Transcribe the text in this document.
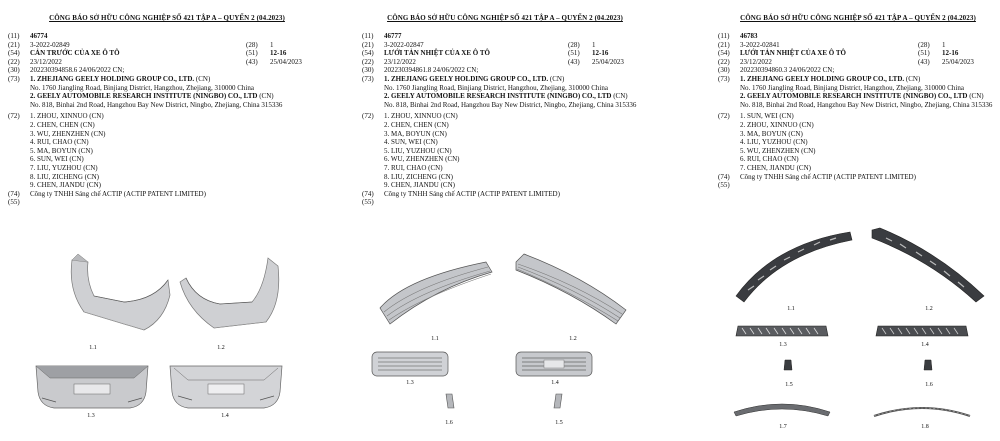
CÔNG BÁO SỞ HỮU CÔNG NGHIỆP SỐ 421 TẬP A – QUYỂN 2 (04.2023)
(11)	46774
(21)	3-2022-02849	(28)	1
(54)	CẢN TRƯỚC CỦA XE Ô TÔ	(51)	12-16
(22)	23/12/2022	(43)	25/04/2023
(30)	202230394858.6 24/06/2022 CN;
(73)	1. ZHEJIANG GEELY HOLDING GROUP CO., LTD. (CN)
No. 1760 Jiangling Road, Binjiang District, Hangzhou, Zhejiang, 310000 China
2. GEELY AUTOMOBILE RESEARCH INSTITUTE (NINGBO) CO., LTD (CN)
No. 818, Binhai 2nd Road, Hangzhou Bay New District, Ningbo, Zhejiang, China 315336
(72)	1. ZHOU, XINNUO (CN)
2. CHEN, CHEN (CN)
3. WU, ZHENZHEN (CN)
4. RUI, CHAO (CN)
5. MA, BOYUN (CN)
6. SUN, WEI (CN)
7. LIU, YUZHOU (CN)
8. LIU, ZICHENG (CN)
9. CHEN, JIANDU (CN)
(74)	Công ty TNHH Sáng chế ACTIP (ACTIP PATENT LIMITED)
(55)
1.1	1.2
1.3	1.4
CÔNG BÁO SỞ HỮU CÔNG NGHIỆP SỐ 421 TẬP A – QUYỂN 2 (04.2023)
(11)	46777
(21)	3-2022-02847	(28)	1
(54)	LƯỚI TẢN NHIỆT CỦA XE Ô TÔ	(51)	12-16
(22)	23/12/2022	(43)	25/04/2023
(30)	202230394861.8 24/06/2022 CN;
(73)	1. ZHEJIANG GEELY HOLDING GROUP CO., LTD. (CN)
No. 1760 Jiangling Road, Binjiang District, Hangzhou, Zhejiang, 310000 China
2. GEELY AUTOMOBILE RESEARCH INSTITUTE (NINGBO) CO., LTD (CN)
No. 818, Binhai 2nd Road, Hangzhou Bay New District, Ningbo, Zhejiang, China 315336
(72)	1. ZHOU, XINNUO (CN)
2. CHEN, CHEN (CN)
3. MA, BOYUN (CN)
4. SUN, WEI (CN)
5. LIU, YUZHOU (CN)
6. WU, ZHENZHEN (CN)
7. RUI, CHAO (CN)
8. LIU, ZICHENG (CN)
9. CHEN, JIANDU (CN)
(74)	Công ty TNHH Sáng chế ACTIP (ACTIP PATENT LIMITED)
(55)
1.1	1.2
1.3	1.4
1.6	1.5
CÔNG BÁO SỞ HỮU CÔNG NGHIỆP SỐ 421 TẬP A – QUYỂN 2 (04.2023)
(11)	46783
(21)	3-2022-02841	(28)	1
(54)	LƯỚI TẢN NHIỆT CỦA XE Ô TÔ	(51)	12-16
(22)	23/12/2022	(43)	25/04/2023
(30)	202230394860.3 24/06/2022 CN;
(73)	1. ZHEJIANG GEELY HOLDING GROUP CO., LTD. (CN)
No. 1760 Jiangling Road, Binjiang District, Hangzhou, Zhejiang, 310000 China
2. GEELY AUTOMOBILE RESEARCH INSTITUTE (NINGBO) CO., LTD (CN)
No. 818, Binhai 2nd Road, Hangzhou Bay New District, Ningbo, Zhejiang, China 315336
(72)	1. SUN, WEI (CN)
2. ZHOU, XINNUO (CN)
3. MA, BOYUN (CN)
4. LIU, YUZHOU (CN)
5. WU, ZHENZHEN (CN)
6. RUI, CHAO (CN)
7. CHEN, JIANDU (CN)
(74)	Công ty TNHH Sáng chế ACTIP (ACTIP PATENT LIMITED)
(55)
1.1	1.2
1.3	1.4
1.5	1.6
1.7	1.8
